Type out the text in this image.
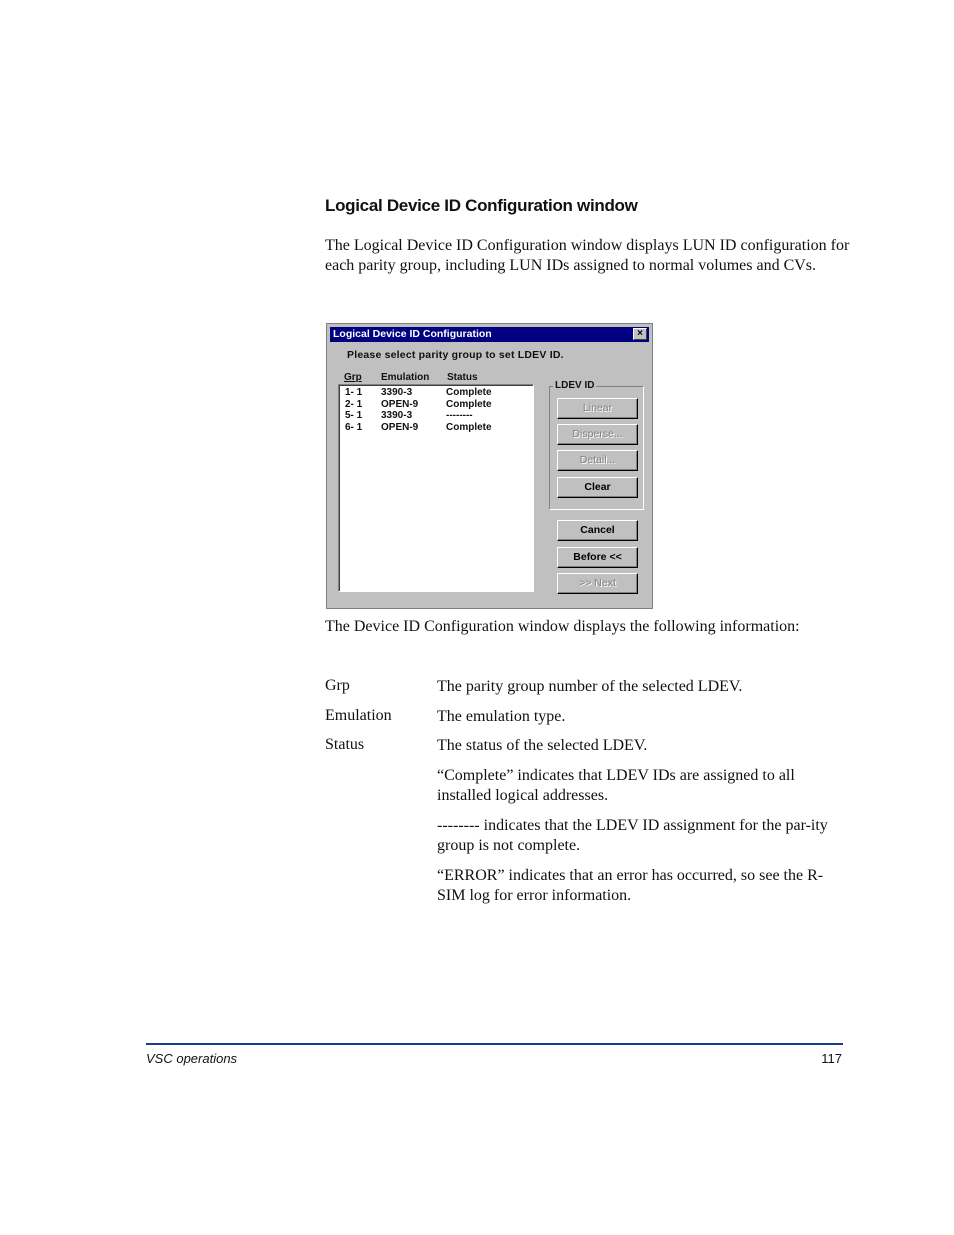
Logical Device ID Configuration window
The Logical Device ID Configuration window displays LUN ID configuration for each parity group, including LUN IDs assigned to normal volumes and CVs.
Logical Device ID Configuration	×
Please select parity group to set LDEV ID.
Grp Emulation Status
1- 1 3390-3	Complete
2- 1 OPEN-9	Complete
5- 1 3390-3	--------
6- 1 OPEN-9	Complete
LDEV ID
Linear
Disperse...
Detail...
Clear
Cancel
Before <<
>> Next
The Device ID Configuration window displays the following information:
Grp	The parity group number of the selected LDEV.
Emulation	The emulation type.
Status	The status of the selected LDEV.
“Complete” indicates that LDEV IDs are assigned to all installed logical addresses.
-------- indicates that the LDEV ID assignment for the par-ity group is not complete.
“ERROR” indicates that an error has occurred, so see the R-SIM log for error information.
VSC operations	117
